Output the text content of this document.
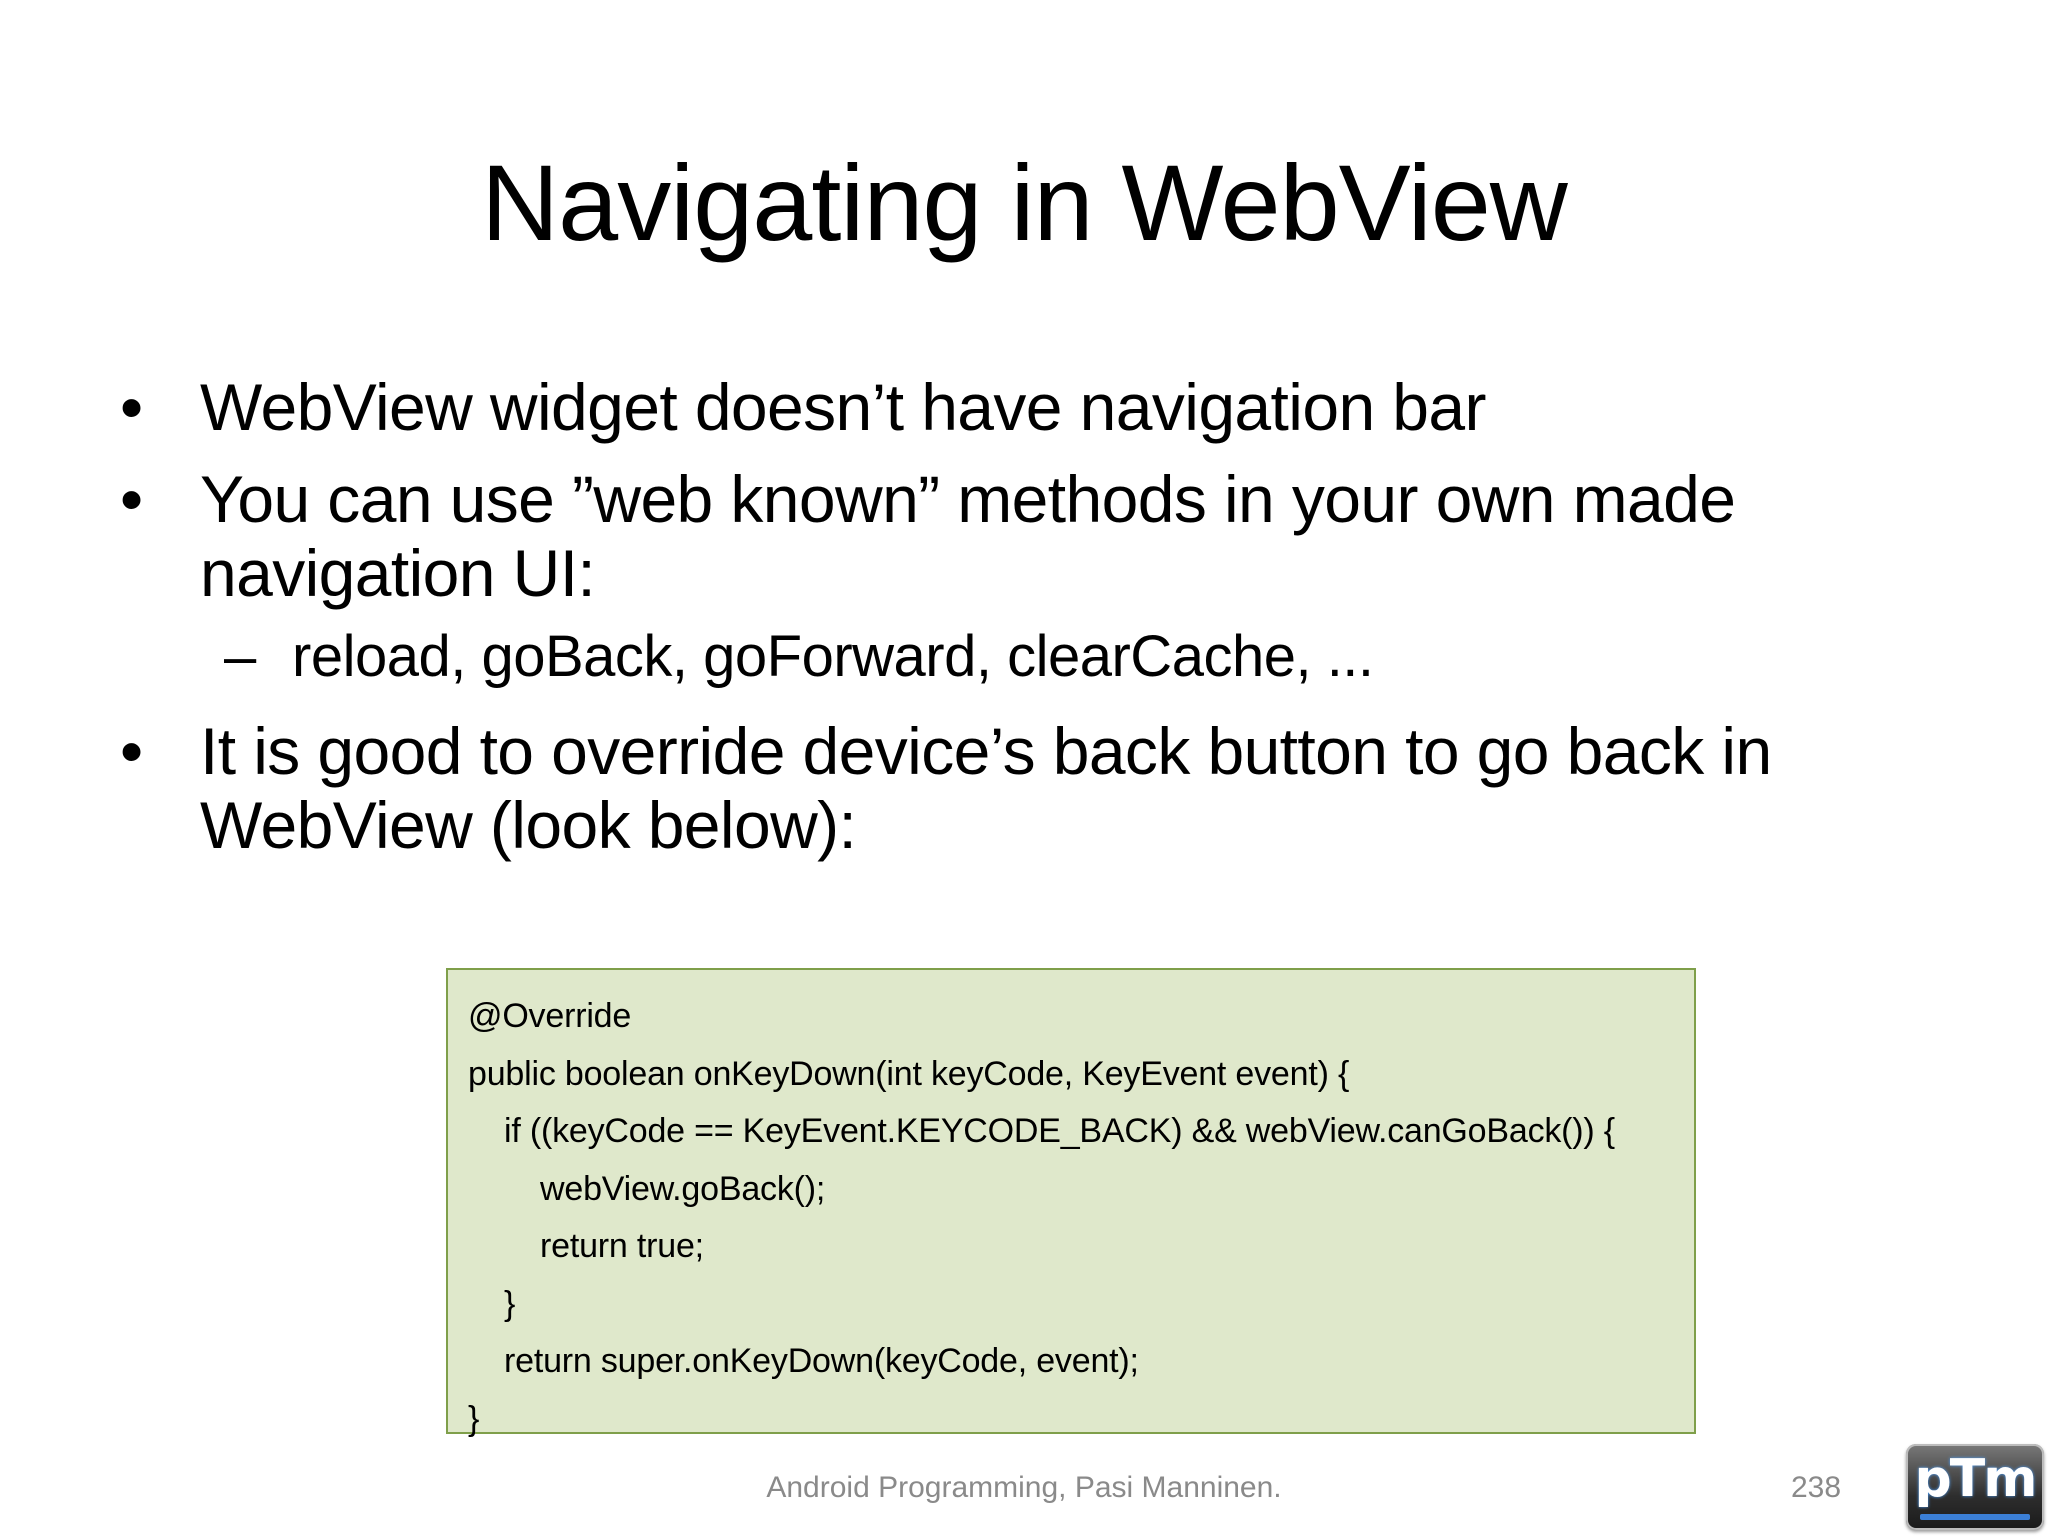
Navigating in WebView
• WebView widget doesn’t have navigation bar
• You can use ”web known” methods in your own made navigation UI:
– reload, goBack, goForward, clearCache, ...
• It is good to override device’s back button to go back in WebView (look below):
@Override
public boolean onKeyDown(int keyCode, KeyEvent event) {
if ((keyCode == KeyEvent.KEYCODE_BACK) && webView.canGoBack()) {
webView.goBack();
return true;
}
return super.onKeyDown(keyCode, event);
}
Android Programming, Pasi Manninen.	238	pTm
